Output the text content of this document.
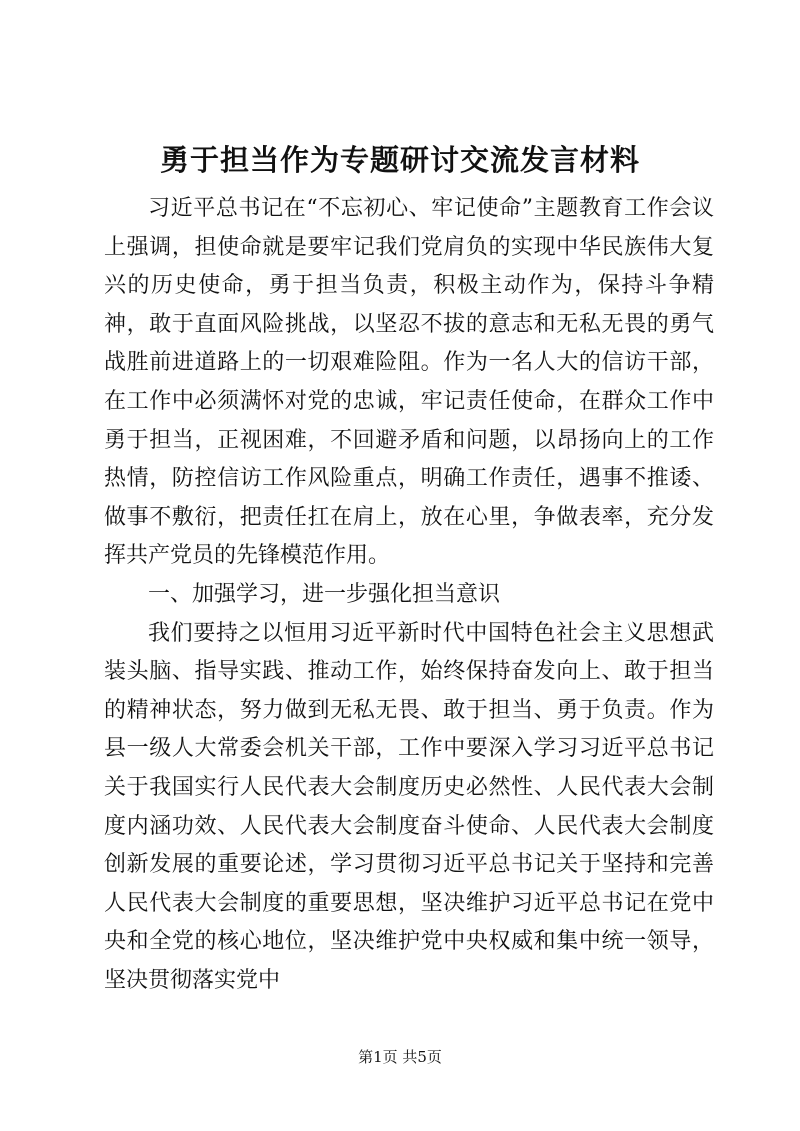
勇于担当作为专题研讨交流发言材料

习近平总书记在“不忘初心、牢记使命”主题教育工作会议上强调，担使命就是要牢记我们党肩负的实现中华民族伟大复兴的历史使命，勇于担当负责，积极主动作为，保持斗争精神，敢于直面风险挑战，以坚忍不拔的意志和无私无畏的勇气战胜前进道路上的一切艰难险阻。作为一名人大的信访干部，在工作中必须满怀对党的忠诚，牢记责任使命，在群众工作中勇于担当，正视困难，不回避矛盾和问题，以昂扬向上的工作热情，防控信访工作风险重点，明确工作责任，遇事不推诿、做事不敷衍，把责任扛在肩上，放在心里，争做表率，充分发挥共产党员的先锋模范作用。

一、加强学习，进一步强化担当意识

我们要持之以恒用习近平新时代中国特色社会主义思想武装头脑、指导实践、推动工作，始终保持奋发向上、敢于担当的精神状态，努力做到无私无畏、敢于担当、勇于负责。作为县一级人大常委会机关干部，工作中要深入学习习近平总书记关于我国实行人民代表大会制度历史必然性、人民代表大会制度内涵功效、人民代表大会制度奋斗使命、人民代表大会制度创新发展的重要论述，学习贯彻习近平总书记关于坚持和完善人民代表大会制度的重要思想，坚决维护习近平总书记在党中央和全党的核心地位，坚决维护党中央权威和集中统一领导，坚决贯彻落实党中

第1页 共5页
